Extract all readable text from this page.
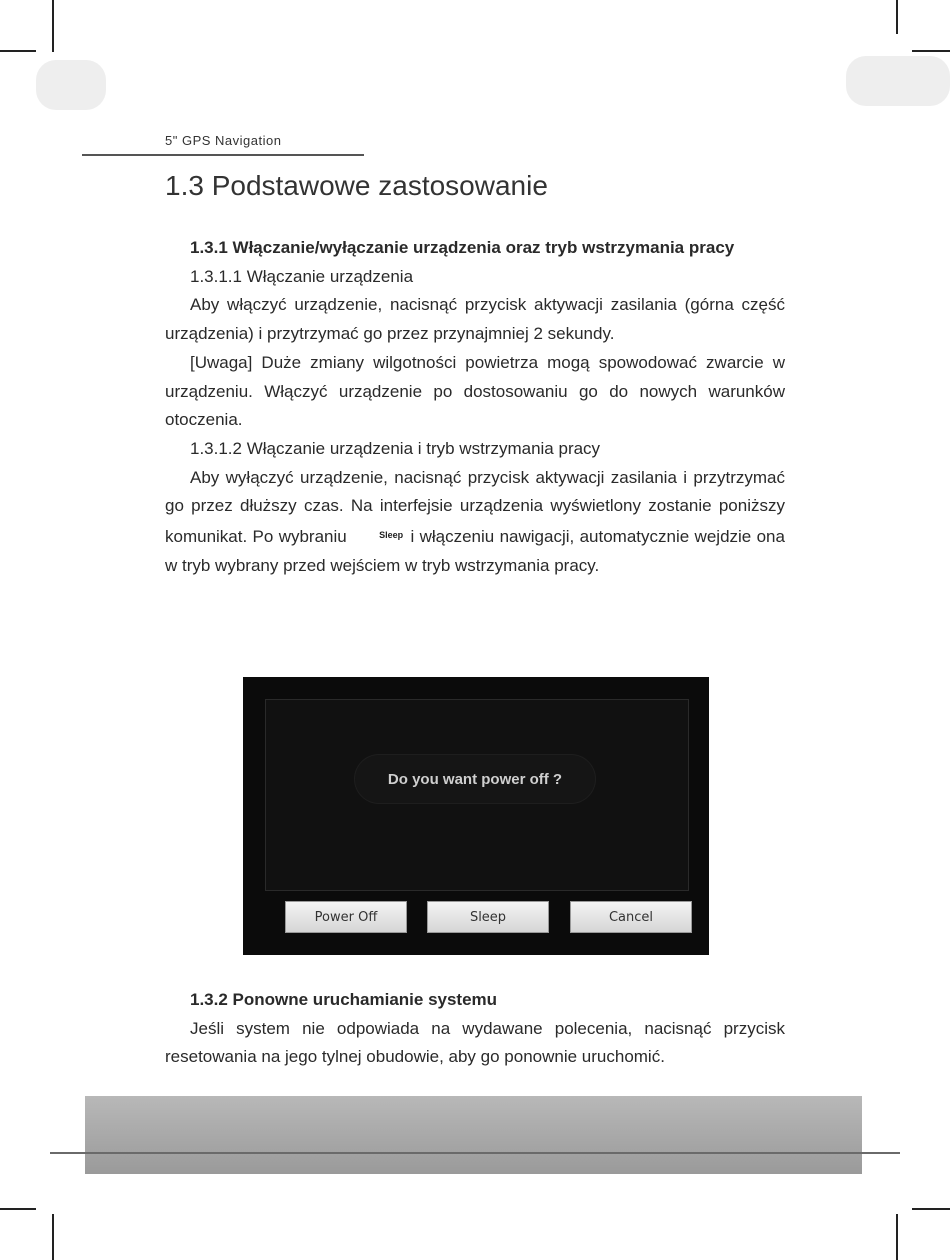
5" GPS Navigation
1.3 Podstawowe zastosowanie

1.3.1 Włączanie/wyłączanie urządzenia oraz tryb wstrzymania pracy

1.3.1.1 Włączanie urządzenia

Aby włączyć urządzenie, nacisnąć przycisk aktywacji zasilania (górna część urządzenia) i przytrzymać go przez przynajmniej 2 sekundy.

[Uwaga] Duże zmiany wilgotności powietrza mogą spowodować zwarcie w urządzeniu. Włączyć urządzenie po dostosowaniu go do nowych warunków otoczenia.

1.3.1.2 Włączanie urządzenia i tryb wstrzymania pracy

Aby wyłączyć urządzenie, nacisnąć przycisk aktywacji zasilania i przytrzymać go przez dłuższy czas. Na interfejsie urządzenia wyświetlony zostanie poniższy komunikat. Po wybraniu	Sleep i włączeniu nawigacji, automatycznie wejdzie ona w tryb wybrany przed wejściem w tryb wstrzymania pracy.

Do you want power off ?
Power Off	Sleep	Cancel

1.3.2 Ponowne uruchamianie systemu

Jeśli system nie odpowiada na wydawane polecenia, nacisnąć przycisk resetowania na jego tylnej obudowie, aby go ponownie uruchomić.
